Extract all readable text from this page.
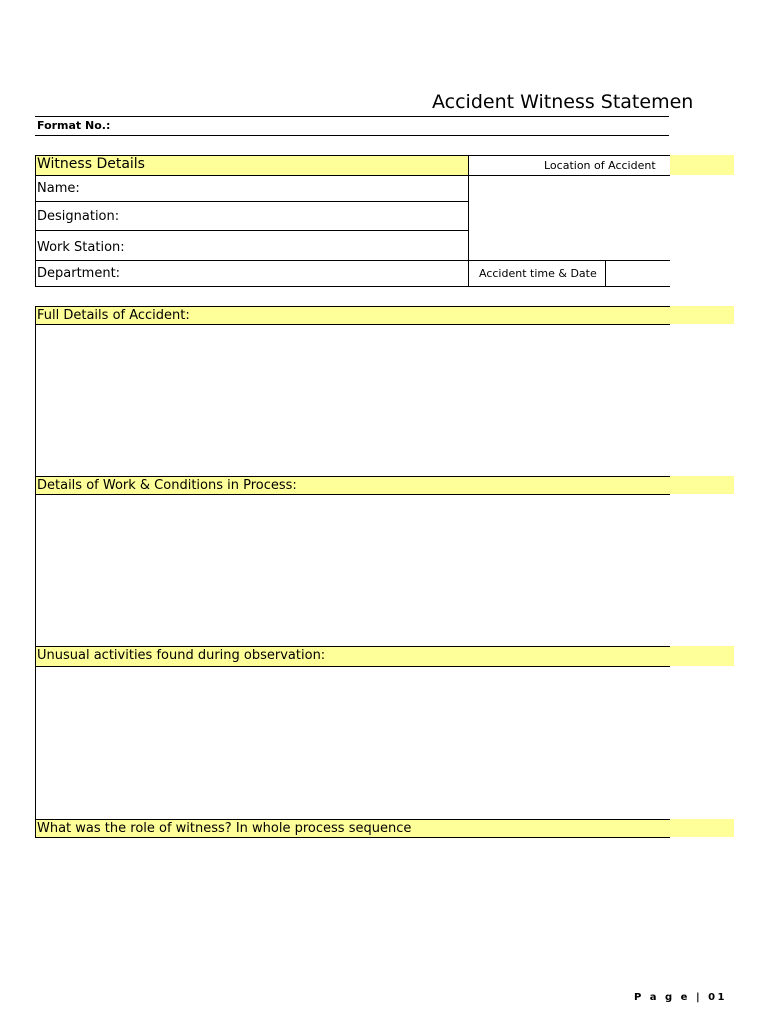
Accident Witness Statemen
Format No.:
Witness Details	Location of Accident
Name:
Designation:
Work Station:
Department:	Accident time & Date
Full Details of Accident:
Details of Work & Conditions in Process:
Unusual activities found during observation:
What was the role of witness? In whole process sequence
P a g e | 01
